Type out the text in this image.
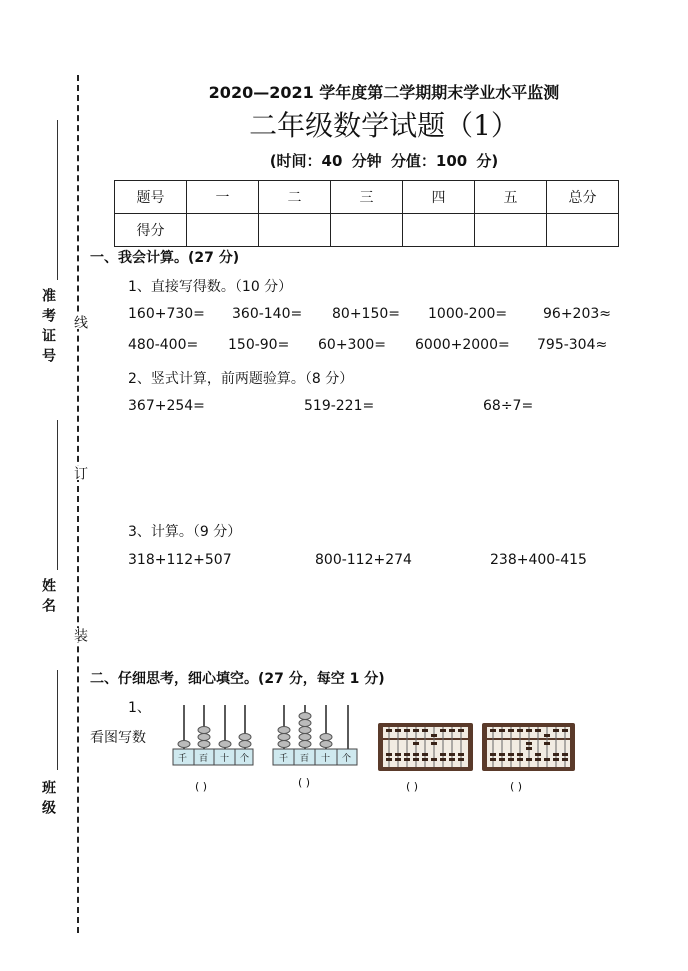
准考证号
姓名
班级
线
订
装
2020—2021 学年度第二学期期末学业水平监测
二年级数学试题（1）
(时间：40 分钟 分值：100 分)
题号	一	二	三	四	五	总分
得分						
一、我会计算。(27 分)
1、直接写得数。（10 分）
160+730= 360-140= 80+150= 1000-200=	96+203≈
480-400= 150-90= 60+300= 6000+2000= 795-304≈
2、竖式计算，前两题验算。（8 分）
367+254=	519-221=	68÷7=
3、计算。（9 分）
318+112+507	800-112+274	238+400-415
二、仔细思考，细心填空。(27 分，每空 1 分)
1、
看图写数
千 百 十 个
( )
千 百 十 个
( )	( )	( )
